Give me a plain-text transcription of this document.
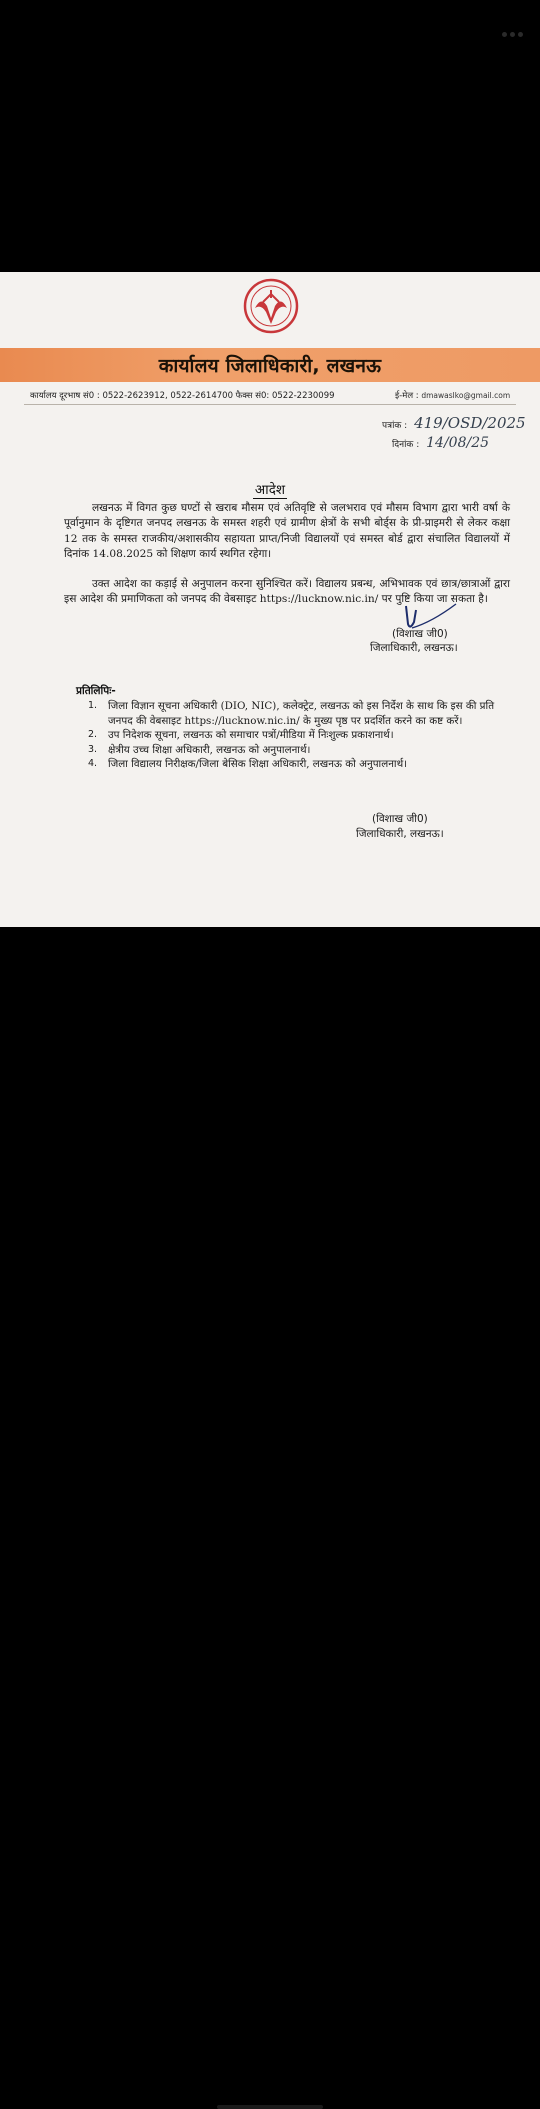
कार्यालय जिलाधिकारी, लखनऊ
कार्यालय दूरभाष सं0 : 0522-2623912, 0522-2614700 फैक्स सं0: 0522-2230099	ई-मेल : dmawaslko@gmail.com
पत्रांक : 419/OSD/2025
दिनांक : 14/08/25
आदेश
लखनऊ में विगत कुछ घण्टों से खराब मौसम एवं अतिवृष्टि से जलभराव एवं मौसम विभाग द्वारा भारी वर्षा के पूर्वानुमान के दृष्टिगत जनपद लखनऊ के समस्त शहरी एवं ग्रामीण क्षेत्रों के सभी बोर्ड्स के प्री-प्राइमरी से लेकर कक्षा 12 तक के समस्त राजकीय/अशासकीय सहायता प्राप्त/निजी विद्यालयों एवं समस्त बोर्ड द्वारा संचालित विद्यालयों में दिनांक 14.08.2025 को शिक्षण कार्य स्थगित रहेगा।
उक्त आदेश का कड़ाई से अनुपालन करना सुनिश्चित करें। विद्यालय प्रबन्ध, अभिभावक एवं छात्र/छात्राओं द्वारा इस आदेश की प्रमाणिकता को जनपद की वेबसाइट https://lucknow.nic.in/ पर पुष्टि किया जा सकता है।
(विशाख जी0)
जिलाधिकारी, लखनऊ।
प्रतिलिपिः-
1. जिला विज्ञान सूचना अधिकारी (DIO, NIC), कलेक्ट्रेट, लखनऊ को इस निर्देश के साथ कि इस की प्रति जनपद की वेबसाइट https://lucknow.nic.in/ के मुख्य पृष्ठ पर प्रदर्शित करने का कष्ट करें।
2. उप निदेशक सूचना, लखनऊ को समाचार पत्रों/मीडिया में निःशुल्क प्रकाशनार्थ।
3. क्षेत्रीय उच्च शिक्षा अधिकारी, लखनऊ को अनुपालनार्थ।
4. जिला विद्यालय निरीक्षक/जिला बेसिक शिक्षा अधिकारी, लखनऊ को अनुपालनार्थ।
(विशाख जी0)
जिलाधिकारी, लखनऊ।
